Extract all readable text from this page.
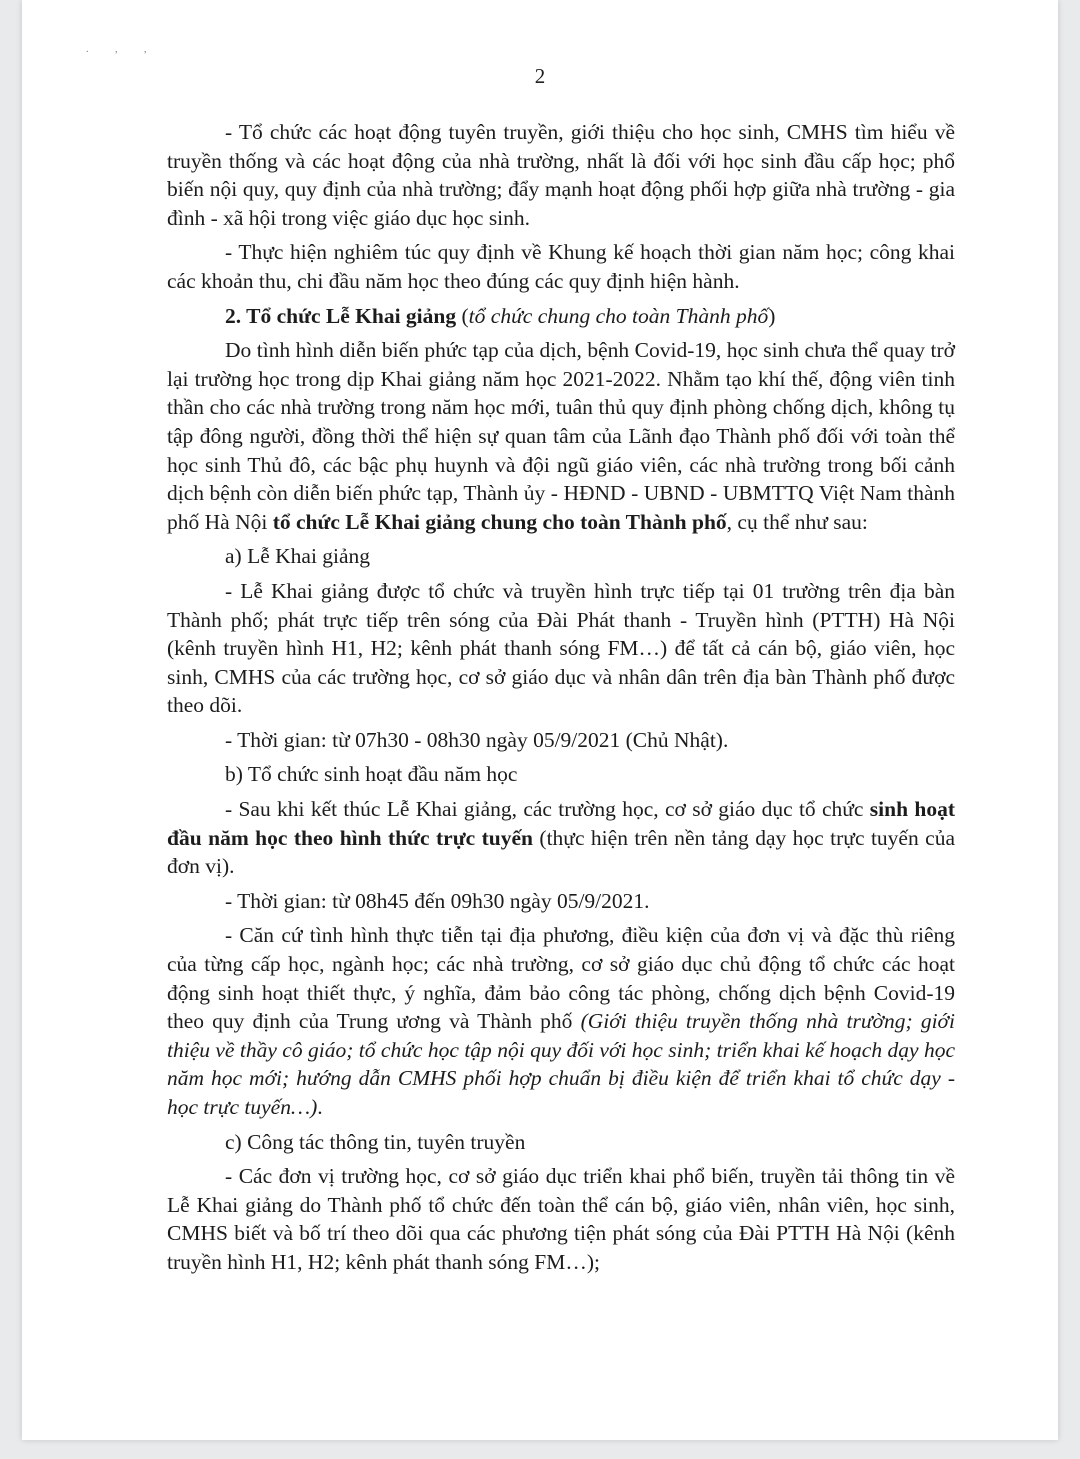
. , ,
2

- Tổ chức các hoạt động tuyên truyền, giới thiệu cho học sinh, CMHS tìm hiểu về truyền thống và các hoạt động của nhà trường, nhất là đối với học sinh đầu cấp học; phổ biến nội quy, quy định của nhà trường; đẩy mạnh hoạt động phối hợp giữa nhà trường - gia đình - xã hội trong việc giáo dục học sinh.

- Thực hiện nghiêm túc quy định về Khung kế hoạch thời gian năm học; công khai các khoản thu, chi đầu năm học theo đúng các quy định hiện hành.

2. Tổ chức Lễ Khai giảng (tổ chức chung cho toàn Thành phố)

Do tình hình diễn biến phức tạp của dịch, bệnh Covid-19, học sinh chưa thể quay trở lại trường học trong dịp Khai giảng năm học 2021-2022. Nhằm tạo khí thế, động viên tinh thần cho các nhà trường trong năm học mới, tuân thủ quy định phòng chống dịch, không tụ tập đông người, đồng thời thể hiện sự quan tâm của Lãnh đạo Thành phố đối với toàn thể học sinh Thủ đô, các bậc phụ huynh và đội ngũ giáo viên, các nhà trường trong bối cảnh dịch bệnh còn diễn biến phức tạp, Thành ủy - HĐND - UBND - UBMTTQ Việt Nam thành phố Hà Nội tổ chức Lễ Khai giảng chung cho toàn Thành phố, cụ thể như sau:

a) Lễ Khai giảng

- Lễ Khai giảng được tổ chức và truyền hình trực tiếp tại 01 trường trên địa bàn Thành phố; phát trực tiếp trên sóng của Đài Phát thanh - Truyền hình (PTTH) Hà Nội (kênh truyền hình H1, H2; kênh phát thanh sóng FM…) để tất cả cán bộ, giáo viên, học sinh, CMHS của các trường học, cơ sở giáo dục và nhân dân trên địa bàn Thành phố được theo dõi.

- Thời gian: từ 07h30 - 08h30 ngày 05/9/2021 (Chủ Nhật).

b) Tổ chức sinh hoạt đầu năm học

- Sau khi kết thúc Lễ Khai giảng, các trường học, cơ sở giáo dục tổ chức sinh hoạt đầu năm học theo hình thức trực tuyến (thực hiện trên nền tảng dạy học trực tuyến của đơn vị).

- Thời gian: từ 08h45 đến 09h30 ngày 05/9/2021.

- Căn cứ tình hình thực tiễn tại địa phương, điều kiện của đơn vị và đặc thù riêng của từng cấp học, ngành học; các nhà trường, cơ sở giáo dục chủ động tổ chức các hoạt động sinh hoạt thiết thực, ý nghĩa, đảm bảo công tác phòng, chống dịch bệnh Covid-19 theo quy định của Trung ương và Thành phố (Giới thiệu truyền thống nhà trường; giới thiệu về thầy cô giáo; tổ chức học tập nội quy đối với học sinh; triển khai kế hoạch dạy học năm học mới; hướng dẫn CMHS phối hợp chuẩn bị điều kiện để triển khai tổ chức dạy - học trực tuyến…).

c) Công tác thông tin, tuyên truyền

- Các đơn vị trường học, cơ sở giáo dục triển khai phổ biến, truyền tải thông tin về Lễ Khai giảng do Thành phố tổ chức đến toàn thể cán bộ, giáo viên, nhân viên, học sinh, CMHS biết và bố trí theo dõi qua các phương tiện phát sóng của Đài PTTH Hà Nội (kênh truyền hình H1, H2; kênh phát thanh sóng FM…);
